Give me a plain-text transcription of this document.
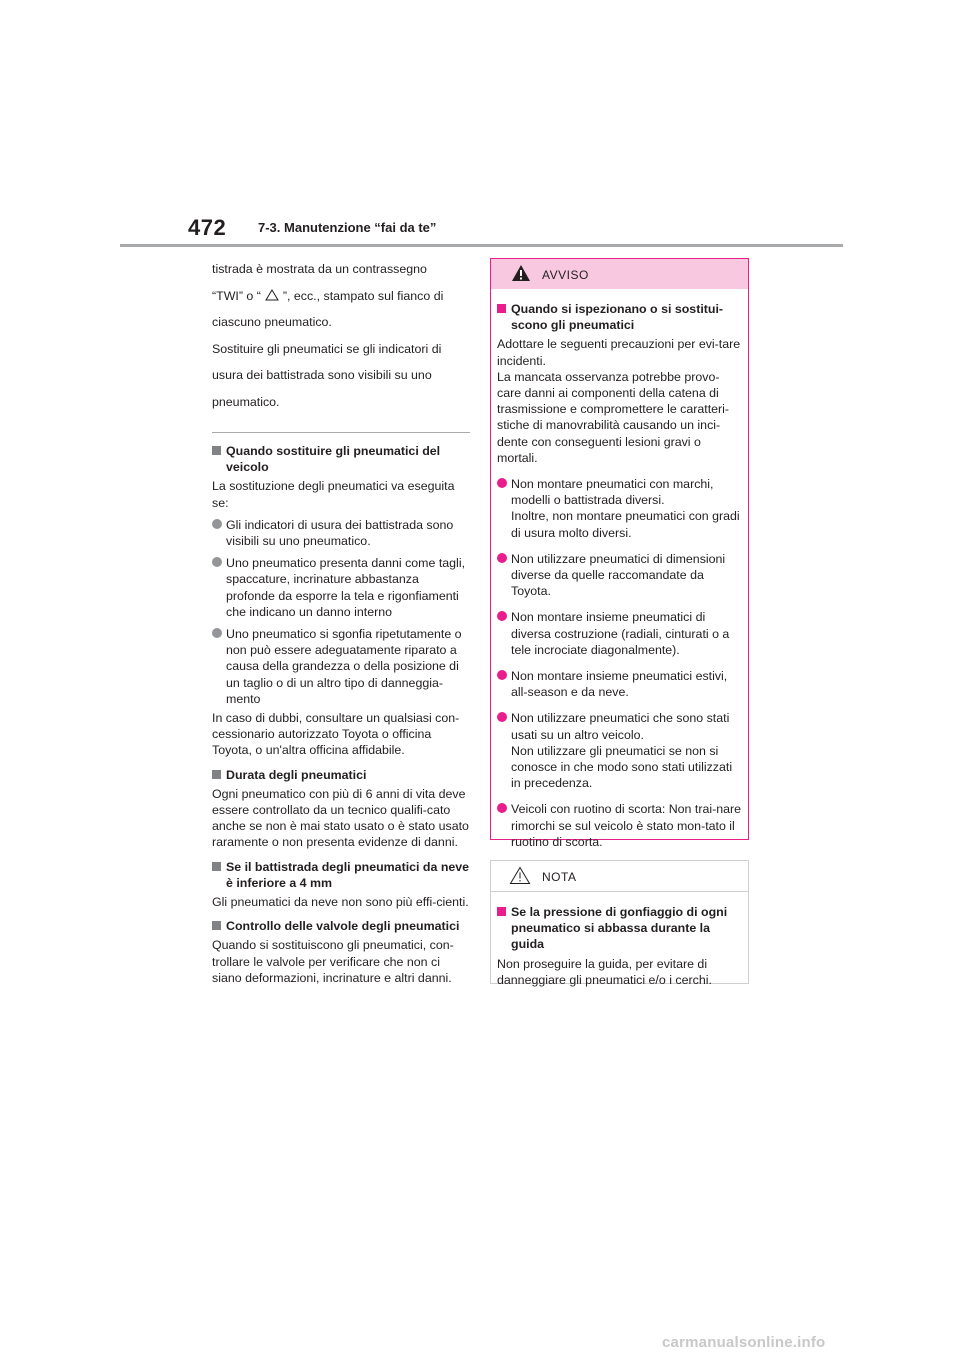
472 7-3. Manutenzione “fai da te”

tistrada è mostrata da un contrassegno

“TWI” o “ ”, ecc., stampato sul fianco di

ciascuno pneumatico.

Sostituire gli pneumatici se gli indicatori di

usura dei battistrada sono visibili su uno

pneumatico.

Quando sostituire gli pneumatici del veicolo

La sostituzione degli pneumatici va eseguita se:

Gli indicatori di usura dei battistrada sono visibili su uno pneumatico.
Uno pneumatico presenta danni come tagli, spaccature, incrinature abbastanza profonde da esporre la tela e rigonfiamenti che indicano un danno interno
Uno pneumatico si sgonfia ripetutamente o non può essere adeguatamente riparato a causa della grandezza o della posizione di un taglio o di un altro tipo di danneggia-mento

In caso di dubbi, consultare un qualsiasi con-cessionario autorizzato Toyota o officina Toyota, o un'altra officina affidabile.

Durata degli pneumatici

Ogni pneumatico con più di 6 anni di vita deve essere controllato da un tecnico qualifi-cato anche se non è mai stato usato o è stato usato raramente o non presenta evidenze di danni.

Se il battistrada degli pneumatici da neve è inferiore a 4 mm

Gli pneumatici da neve non sono più effi-cienti.

Controllo delle valvole degli pneumatici

Quando si sostituiscono gli pneumatici, con-trollare le valvole per verificare che non ci siano deformazioni, incrinature e altri danni.

AVVISO
Quando si ispezionano o si sostitui-scono gli pneumatici

Adottare le seguenti precauzioni per evi-tare incidenti.

La mancata osservanza potrebbe provo-care danni ai componenti della catena di trasmissione e compromettere le caratteri-stiche di manovrabilità causando un inci-dente con conseguenti lesioni gravi o mortali.

Non montare pneumatici con marchi, modelli o battistrada diversi.
Inoltre, non montare pneumatici con gradi di usura molto diversi.
Non utilizzare pneumatici di dimensioni diverse da quelle raccomandate da Toyota.
Non montare insieme pneumatici di diversa costruzione (radiali, cinturati o a tele incrociate diagonalmente).
Non montare insieme pneumatici estivi, all-season e da neve.
Non utilizzare pneumatici che sono stati usati su un altro veicolo.
Non utilizzare gli pneumatici se non si conosce in che modo sono stati utilizzati in precedenza.
Veicoli con ruotino di scorta: Non trai-nare rimorchi se sul veicolo è stato mon-tato il ruotino di scorta.
NOTA
Se la pressione di gonfiaggio di ogni pneumatico si abbassa durante la guida

Non proseguire la guida, per evitare di danneggiare gli pneumatici e/o i cerchi.

carmanualsonline.info
